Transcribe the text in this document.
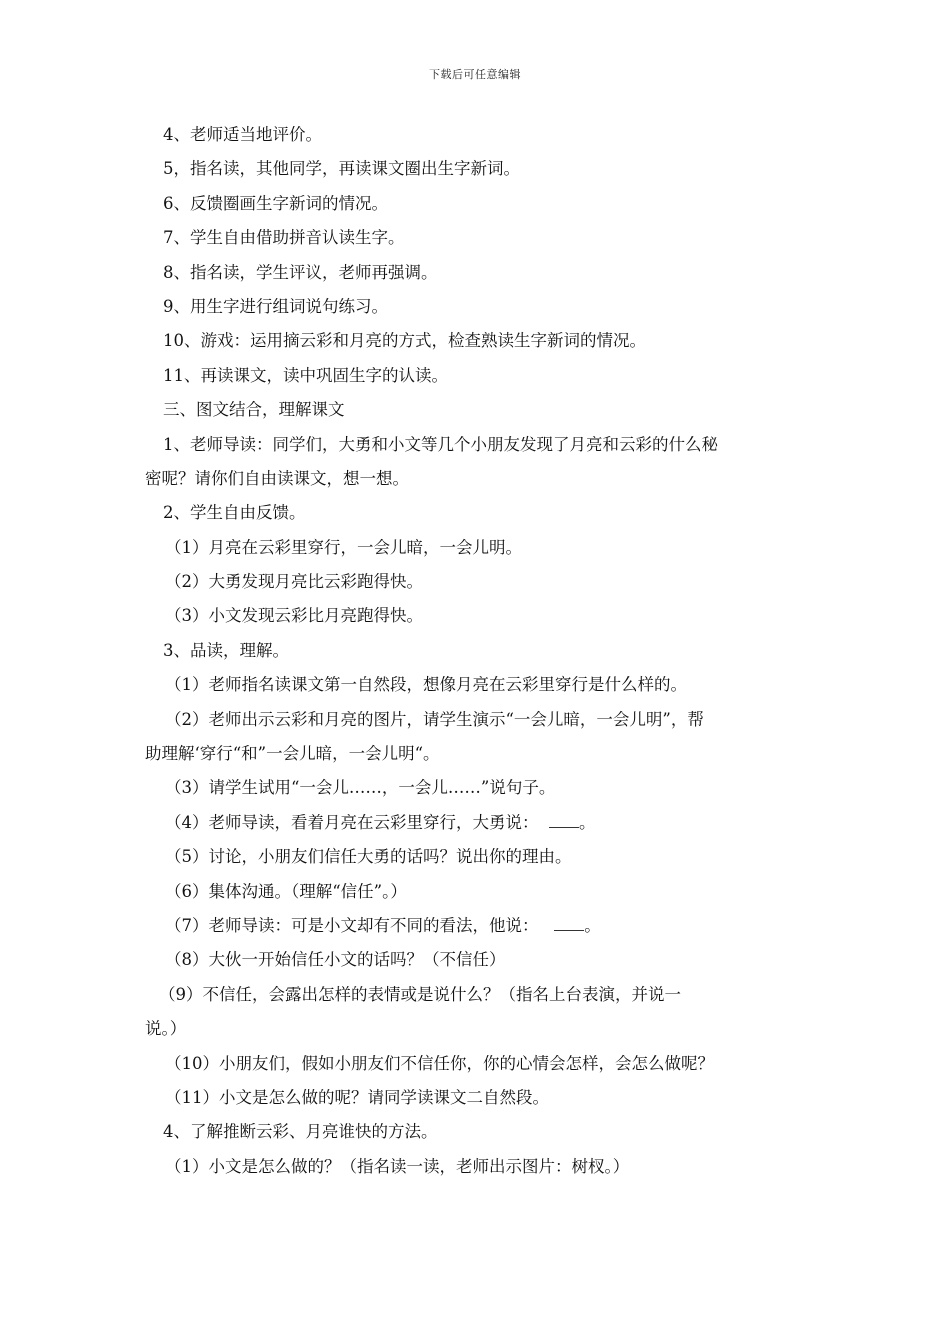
下载后可任意编辑
4、老师适当地评价。
5，指名读，其他同学，再读课文圈出生字新词。
6、反馈圈画生字新词的情况。
7、学生自由借助拼音认读生字。
8、指名读，学生评议，老师再强调。
9、用生字进行组词说句练习。
10、游戏：运用摘云彩和月亮的方式，检查熟读生字新词的情况。
11、再读课文，读中巩固生字的认读。
三、图文结合，理解课文
1、老师导读：同学们，大勇和小文等几个小朋友发现了月亮和云彩的什么秘
密呢？请你们自由读课文，想一想。
2、学生自由反馈。
（1）月亮在云彩里穿行，一会儿暗，一会儿明。
（2）大勇发现月亮比云彩跑得快。
（3）小文发现云彩比月亮跑得快。
3、品读，理解。
（1）老师指名读课文第一自然段，想像月亮在云彩里穿行是什么样的。
（2）老师出示云彩和月亮的图片，请学生演示“一会儿暗，一会儿明”，帮
助理解‘穿行“和”一会儿暗，一会儿明“。
（3）请学生试用“一会儿……，一会儿……”说句子。
（4）老师导读，看着月亮在云彩里穿行，大勇说： 。
（5）讨论，小朋友们信任大勇的话吗？说出你的理由。
（6）集体沟通。（理解“信任”。）
（7）老师导读：可是小文却有不同的看法，他说：	。
（8）大伙一开始信任小文的话吗？（不信任）
（9）不信任，会露出怎样的表情或是说什么？（指名上台表演，并说一
说。）
（10）小朋友们，假如小朋友们不信任你，你的心情会怎样，会怎么做呢？
（11）小文是怎么做的呢？请同学读课文二自然段。
4、了解推断云彩、月亮谁快的方法。
（1）小文是怎么做的？（指名读一读，老师出示图片：树杈。）
